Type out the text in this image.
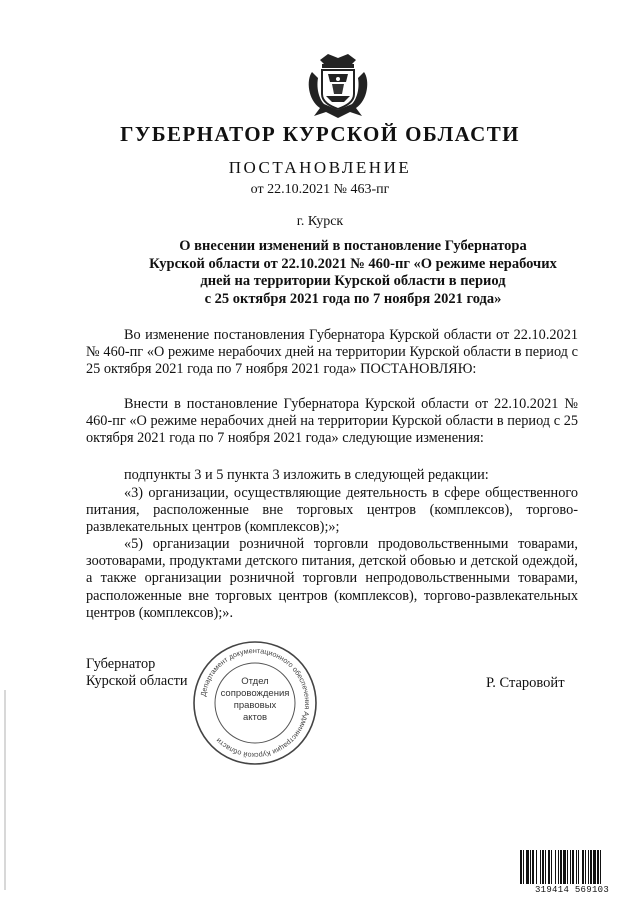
ГУБЕРНАТОР КУРСКОЙ ОБЛАСТИ
ПОСТАНОВЛЕНИЕ
от 22.10.2021 № 463-пг
г. Курск
О внесении изменений в постановление Губернатора
Курской области от 22.10.2021 № 460-пг «О режиме нерабочих
дней на территории Курской области в период
с 25 октября 2021 года по 7 ноября 2021 года»

Во изменение постановления Губернатора Курской области от 22.10.2021 № 460-пг «О режиме нерабочих дней на территории Курской области в период с 25 октября 2021 года по 7 ноября 2021 года» ПОСТАНОВЛЯЮ:

Внести в постановление Губернатора Курской области от 22.10.2021 № 460-пг «О режиме нерабочих дней на территории Курской области в период с 25 октября 2021 года по 7 ноября 2021 года» следующие изменения:

подпункты 3 и 5 пункта 3 изложить в следующей редакции:

«3) организации, осуществляющие деятельность в сфере общественного питания, расположенные вне торговых центров (комплексов), торгово-развлекательных центров (комплексов);»;

«5) организации розничной торговли продовольственными товарами, зоотоварами, продуктами детского питания, детской обовью и детской одеждой, а также организации розничной торговли непродовольственными товарами, расположенные вне торговых центров (комплексов), торгово-развлекательных центров (комплексов);».

Губернатор
Курской области	Р. Старовойт
Департамент документационного обеспечения Администрации Курской области
Отдел
сопровождения
правовых
актов
319414 569103
